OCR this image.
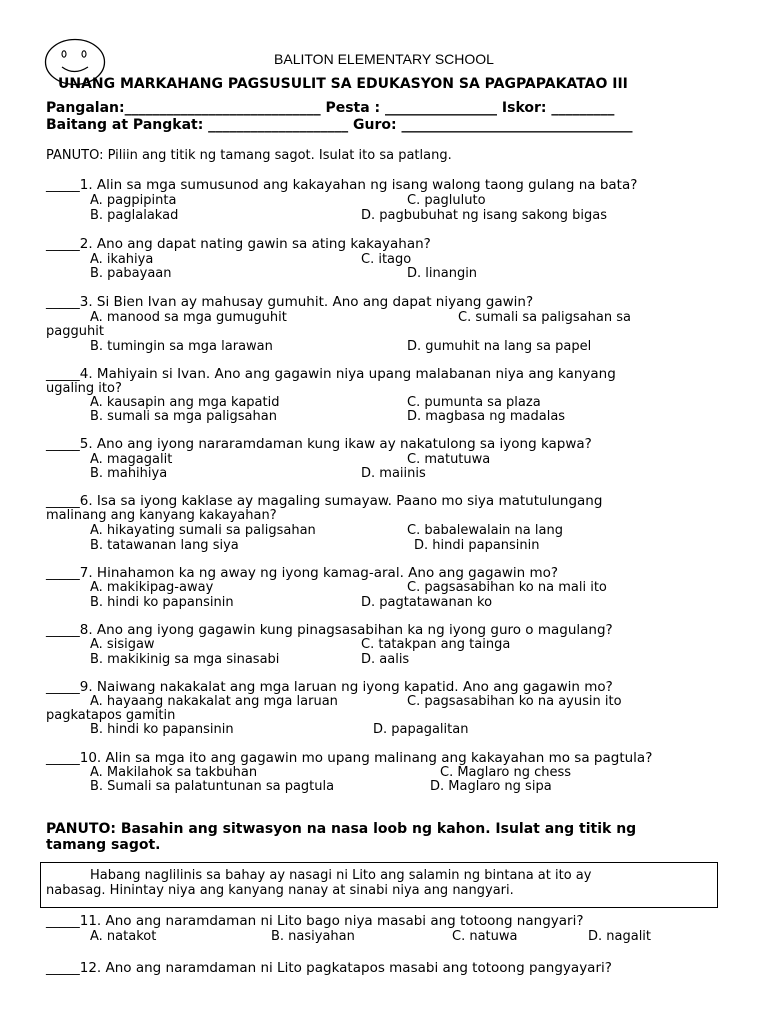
BALITON ELEMENTARY SCHOOL
UNANG MARKAHANG PAGSUSULIT SA EDUKASYON SA PAGPAPAKATAO III
Pangalan:____________________________ Pesta : ________________ Iskor: _________
Baitang at Pangkat: ____________________ Guro: _________________________________
PANUTO: Piliin ang titik ng tamang sagot. Isulat ito sa patlang.
_____1. Alin sa mga sumusunod ang kakayahan ng isang walong taong gulang na bata?
A. pagpipinta	C. pagluluto
B. paglalakad	D. pagbubuhat ng isang sakong bigas
_____2. Ano ang dapat nating gawin sa ating kakayahan?
A. ikahiya	C. itago
B. pabayaan	D. linangin
_____3. Si Bien Ivan ay mahusay gumuhit. Ano ang dapat niyang gawin?
A. manood sa mga gumuguhit	C. sumali sa paligsahan sa
pagguhit
B. tumingin sa mga larawan	D. gumuhit na lang sa papel
_____4. Mahiyain si Ivan. Ano ang gagawin niya upang malabanan niya ang kanyang
ugaling ito?
A. kausapin ang mga kapatid	C. pumunta sa plaza
B. sumali sa mga paligsahan	D. magbasa ng madalas
_____5. Ano ang iyong nararamdaman kung ikaw ay nakatulong sa iyong kapwa?
A. magagalit	C. matutuwa
B. mahihiya	D. maiinis
_____6. Isa sa iyong kaklase ay magaling sumayaw. Paano mo siya matutulungang
malinang ang kanyang kakayahan?
A. hikayating sumali sa paligsahan	C. babalewalain na lang
B. tatawanan lang siya	D. hindi papansinin
_____7. Hinahamon ka ng away ng iyong kamag-aral. Ano ang gagawin mo?
A. makikipag-away	C. pagsasabihan ko na mali ito
B. hindi ko papansinin	D. pagtatawanan ko
_____8. Ano ang iyong gagawin kung pinagsasabihan ka ng iyong guro o magulang?
A. sisigaw	C. tatakpan ang tainga
B. makikinig sa mga sinasabi	D. aalis
_____9. Naiwang nakakalat ang mga laruan ng iyong kapatid. Ano ang gagawin mo?
A. hayaang nakakalat ang mga laruan	C. pagsasabihan ko na ayusin ito
pagkatapos gamitin
B. hindi ko papansinin	D. papagalitan
_____10. Alin sa mga ito ang gagawin mo upang malinang ang kakayahan mo sa pagtula?
A. Makilahok sa takbuhan	C. Maglaro ng chess
B. Sumali sa palatuntunan sa pagtula	D. Maglaro ng sipa
PANUTO: Basahin ang sitwasyon na nasa loob ng kahon. Isulat ang titik ng
tamang sagot.
Habang naglilinis sa bahay ay nasagi ni Lito ang salamin ng bintana at ito ay
nabasag. Hinintay niya ang kanyang nanay at sinabi niya ang nangyari.
_____11. Ano ang naramdaman ni Lito bago niya masabi ang totoong nangyari?
A. natakot	B. nasiyahan	C. natuwa	D. nagalit
_____12. Ano ang naramdaman ni Lito pagkatapos masabi ang totoong pangyayari?
